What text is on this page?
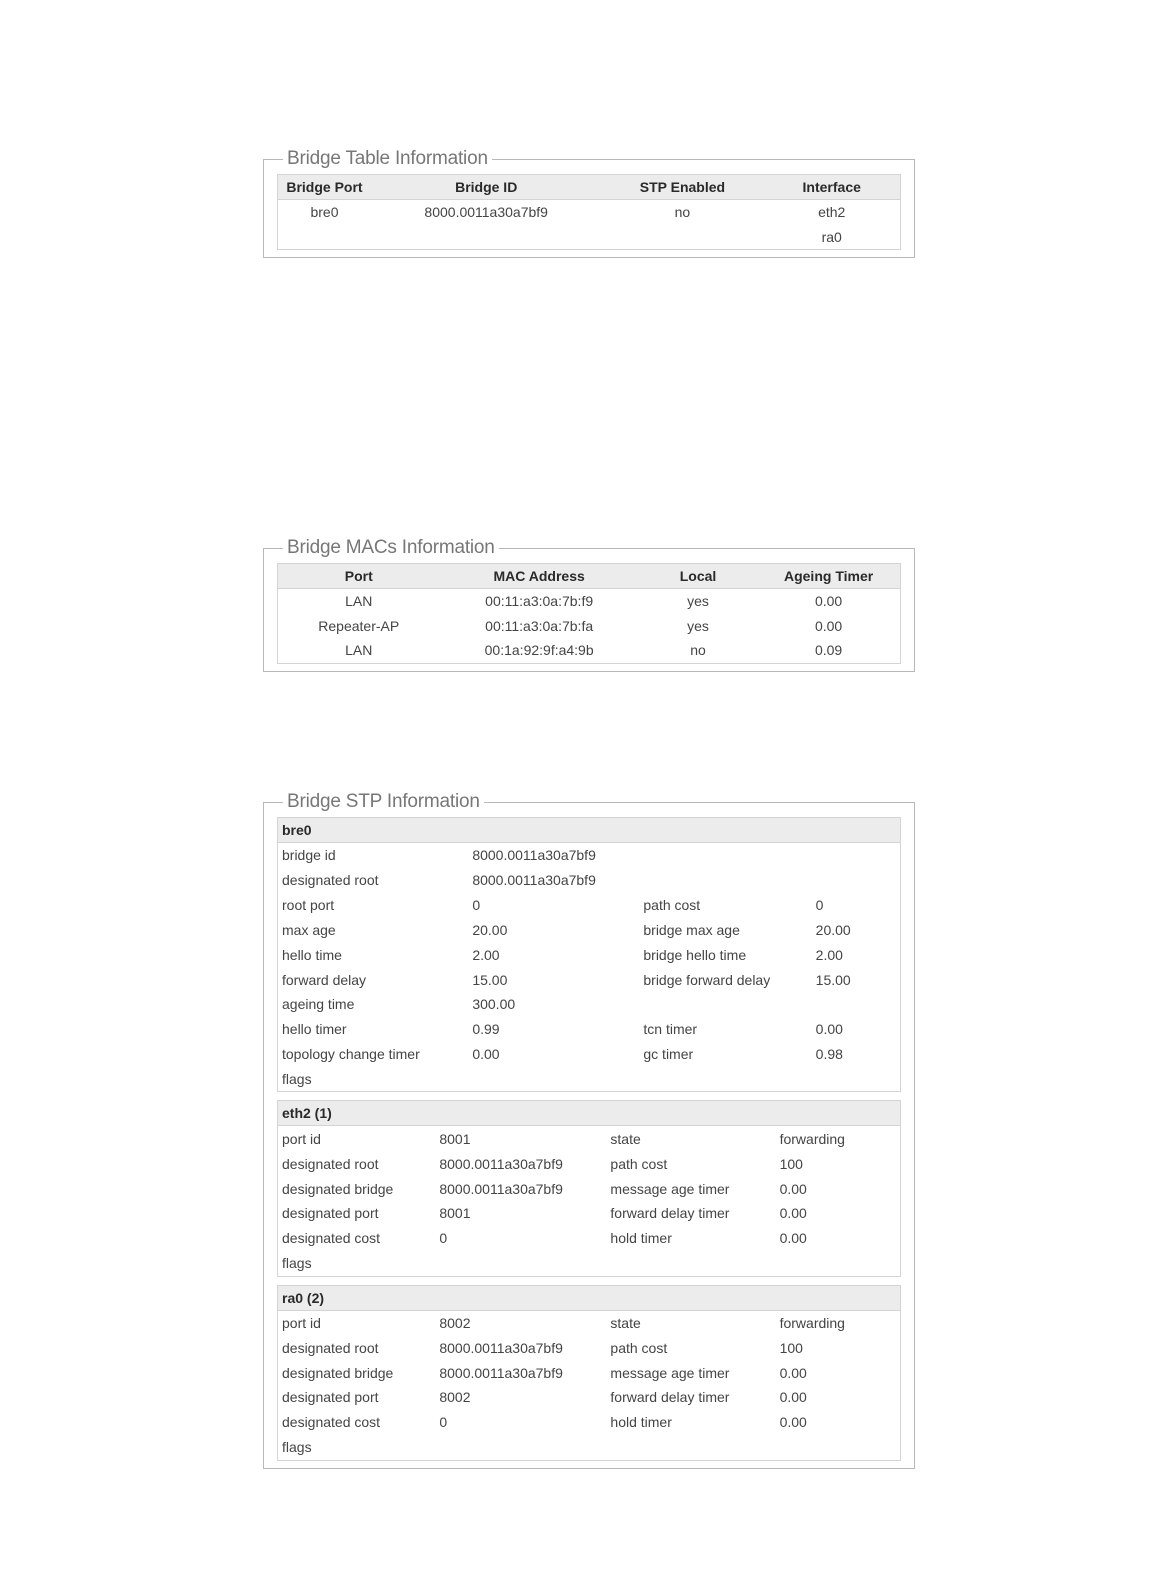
Bridge Table Information
Bridge Port	Bridge ID	STP Enabled	Interface
bre0	8000.0011a30a7bf9	no	eth2
			ra0
Bridge MACs Information
Port	MAC Address	Local	Ageing Timer
LAN	00:11:a3:0a:7b:f9	yes	0.00
Repeater-AP	00:11:a3:0a:7b:fa	yes	0.00
LAN	00:1a:92:9f:a4:9b	no	0.09
Bridge STP Information
bre0
bridge id	8000.0011a30a7bf9		
designated root	8000.0011a30a7bf9		
root port	0	path cost	0
max age	20.00	bridge max age	20.00
hello time	2.00	bridge hello time	2.00
forward delay	15.00	bridge forward delay	15.00
ageing time	300.00		
hello timer	0.99	tcn timer	0.00
topology change timer	0.00	gc timer	0.98
flags			
eth2 (1)
port id	8001	state	forwarding
designated root	8000.0011a30a7bf9	path cost	100
designated bridge	8000.0011a30a7bf9	message age timer	0.00
designated port	8001	forward delay timer	0.00
designated cost	0	hold timer	0.00
flags			
ra0 (2)
port id	8002	state	forwarding
designated root	8000.0011a30a7bf9	path cost	100
designated bridge	8000.0011a30a7bf9	message age timer	0.00
designated port	8002	forward delay timer	0.00
designated cost	0	hold timer	0.00
flags			
